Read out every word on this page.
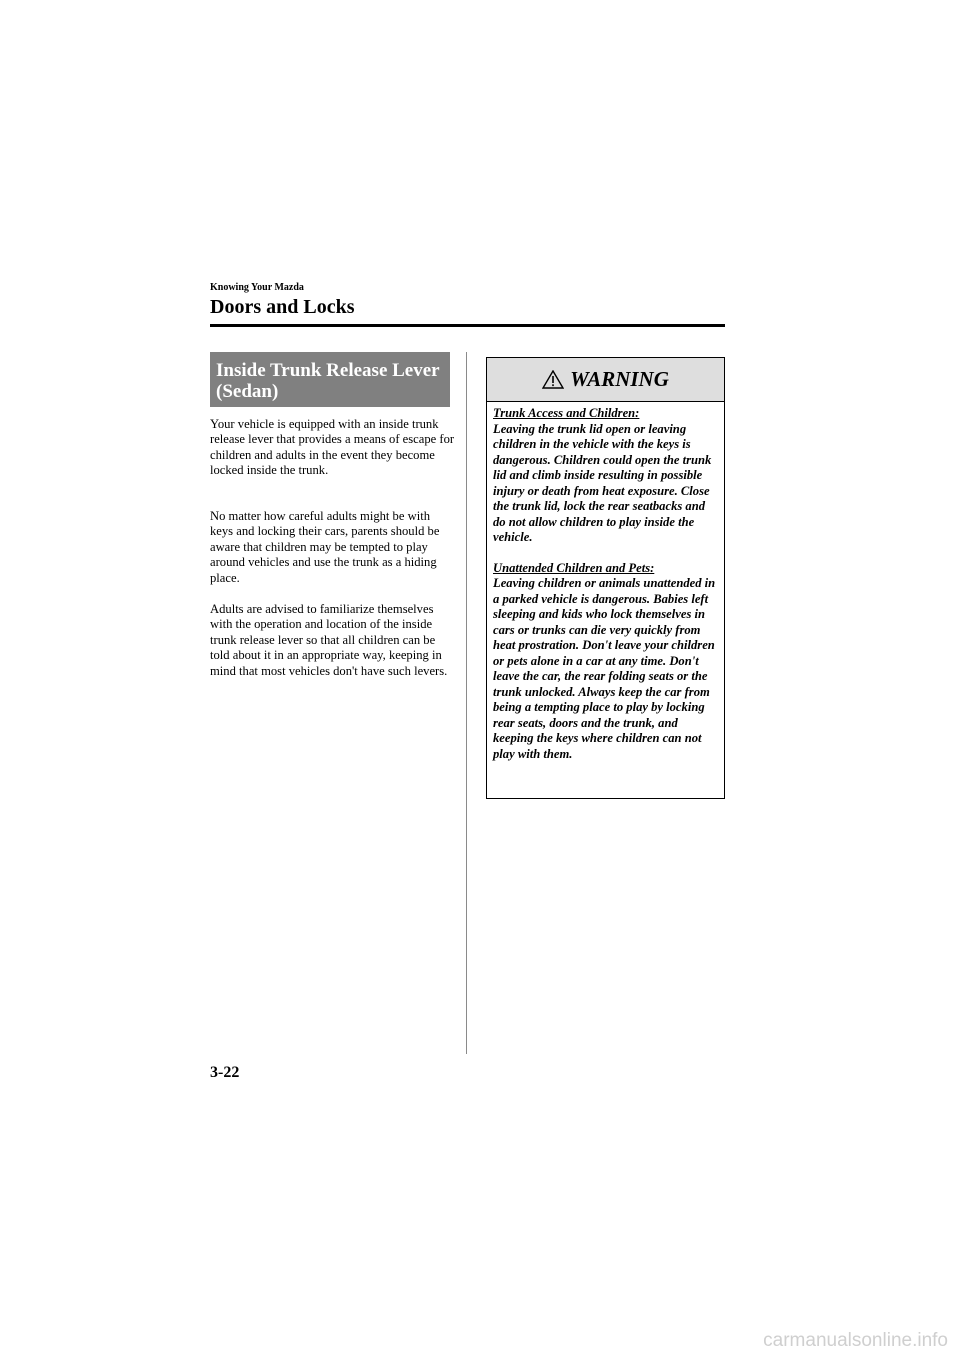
Knowing Your Mazda
Doors and Locks
Inside Trunk Release Lever (Sedan)
Your vehicle is equipped with an inside trunk release lever that provides a means of escape for children and adults in the event they become locked inside the trunk.
No matter how careful adults might be with keys and locking their cars, parents should be aware that children may be tempted to play around vehicles and use the trunk as a hiding place.
Adults are advised to familiarize themselves with the operation and location of the inside trunk release lever so that all children can be told about it in an appropriate way, keeping in mind that most vehicles don't have such levers.
WARNING
Trunk Access and Children:
Leaving the trunk lid open or leaving children in the vehicle with the keys is dangerous. Children could open the trunk lid and climb inside resulting in possible injury or death from heat exposure. Close the trunk lid, lock the rear seatbacks and do not allow children to play inside the vehicle.
Unattended Children and Pets:
Leaving children or animals unattended in a parked vehicle is dangerous. Babies left sleeping and kids who lock themselves in cars or trunks can die very quickly from heat prostration. Don't leave your children or pets alone in a car at any time. Don't leave the car, the rear folding seats or the trunk unlocked. Always keep the car from being a tempting place to play by locking rear seats, doors and the trunk, and keeping the keys where children can not play with them.
3-22
carmanualsonline.info
